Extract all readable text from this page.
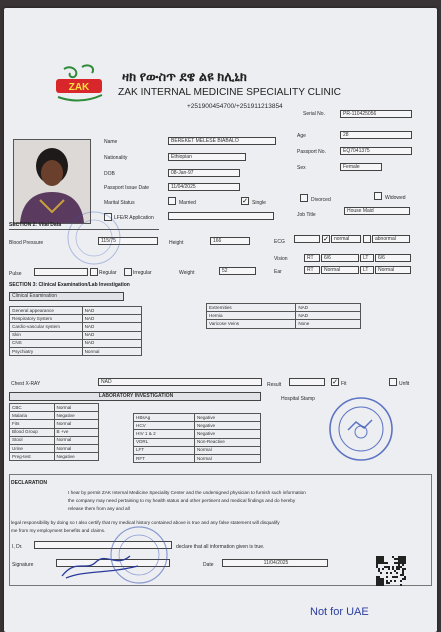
ZAK
ዛክ የውስጥ ደዌ ልዩ ክሊኒክ
ZAK INTERNAL MEDICINE SPECIALITY CLINIC
+251900454700/+251911213854
Serial No.	PR-110425056
Name	BEREKET MELESE BIABALO
Age	28
Nationality	Ethiopian
Passport No.	EQ7041375
DOB	08-Jan-97
Sex	Female
Passport Issue Date	11/04/2025
Marital Status	Married	✓ Single	Divorced	Widowed
LFE/R Application	Job Title
House Maid
SECTION 2: Vital Data
Blood Pressure	115/75	Height	166	ECG	✓	normal	abnormal
Vision	RT	6/6	LT	6/6
Pulse	Regular	Irregular	Weight	52	Ear	RT	Normal	LT	Normal
SECTION 3: Clinical Examination/Lab Investigation
Clinical Examination
General appearance	NAD
Respiratory System	NAD
Cardio-vascular system	NAD
Skin	NAD
CNS	NAD
Psychiatry	Normal
Extremities	NAD
Hernia	NAD
Varicose Veins	None
Chest X-RAY	NAD	Result	✓ Fit	Unfit
LABORATORY INVESTIGATION
CBC	Normal
Malaria	Negative
Fits	Normal
Blood Group	B +ve
Stool	Normal
Urine	Normal
Preg-test	Negative
HBsAg	Negative
HCV	Negative
HIV 1 & 2	Negative
VDRL	Non-Reactive
LFT	Normal
RFT	Normal
Hospital Stamp
DECLARATION
I hear by permit ZAK Internal Medicine Speciality Center and the undersigned physician to furnish such information
the company may need pertaining to my health status and other pertinent and medical findings and do hereby
release them from any and all
legal responsibility by doing so I also certify that my medical history contained above is true and any false statement will disqualify
me from my employment benefits and claims.
I, Dr.	declare that all information given is true.
Signature	Date	11/04/2025
Not for UAE
